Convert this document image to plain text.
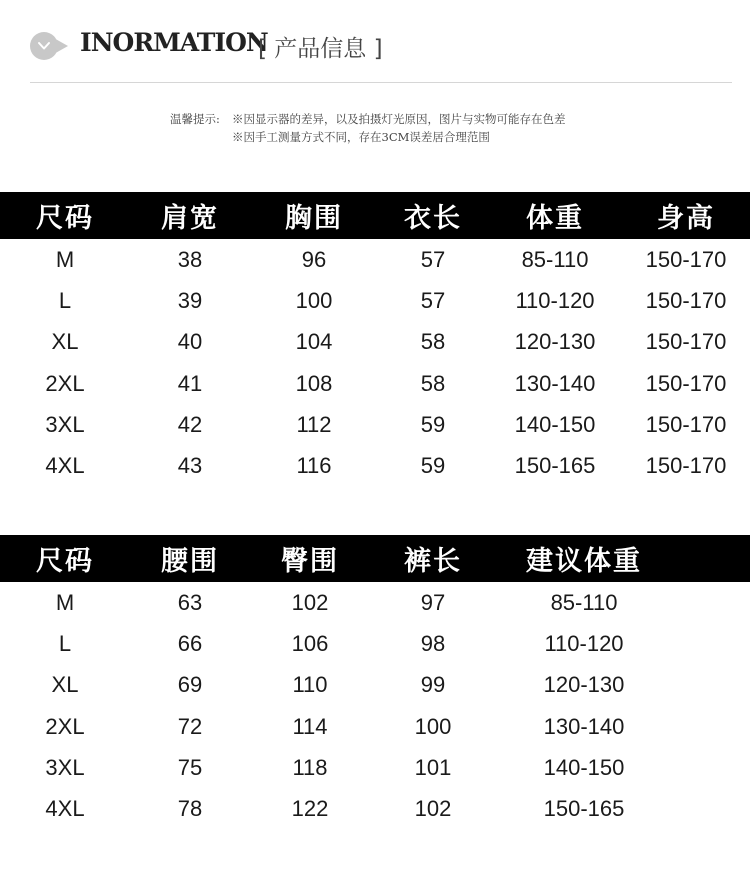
INORMATION
[ 产品信息 ]
温馨提示: ※因显示器的差异，以及拍摄灯光原因，图片与实物可能存在色差
※因手工测量方式不同，存在3CM误差居合理范围
尺码	肩宽	胸围	衣长	体重	身高
M	38	96	57	85-110	150-170
L	39	100	57	110-120	150-170
XL	40	104	58	120-130	150-170
2XL	41	108	58	130-140	150-170
3XL	42	112	59	140-150	150-170
4XL	43	116	59	150-165	150-170
尺码	腰围	臀围	裤长	建议体重	
M	63	102	97	85-110	
L	66	106	98	110-120	
XL	69	110	99	120-130	
2XL	72	114	100	130-140	
3XL	75	118	101	140-150	
4XL	78	122	102	150-165	
